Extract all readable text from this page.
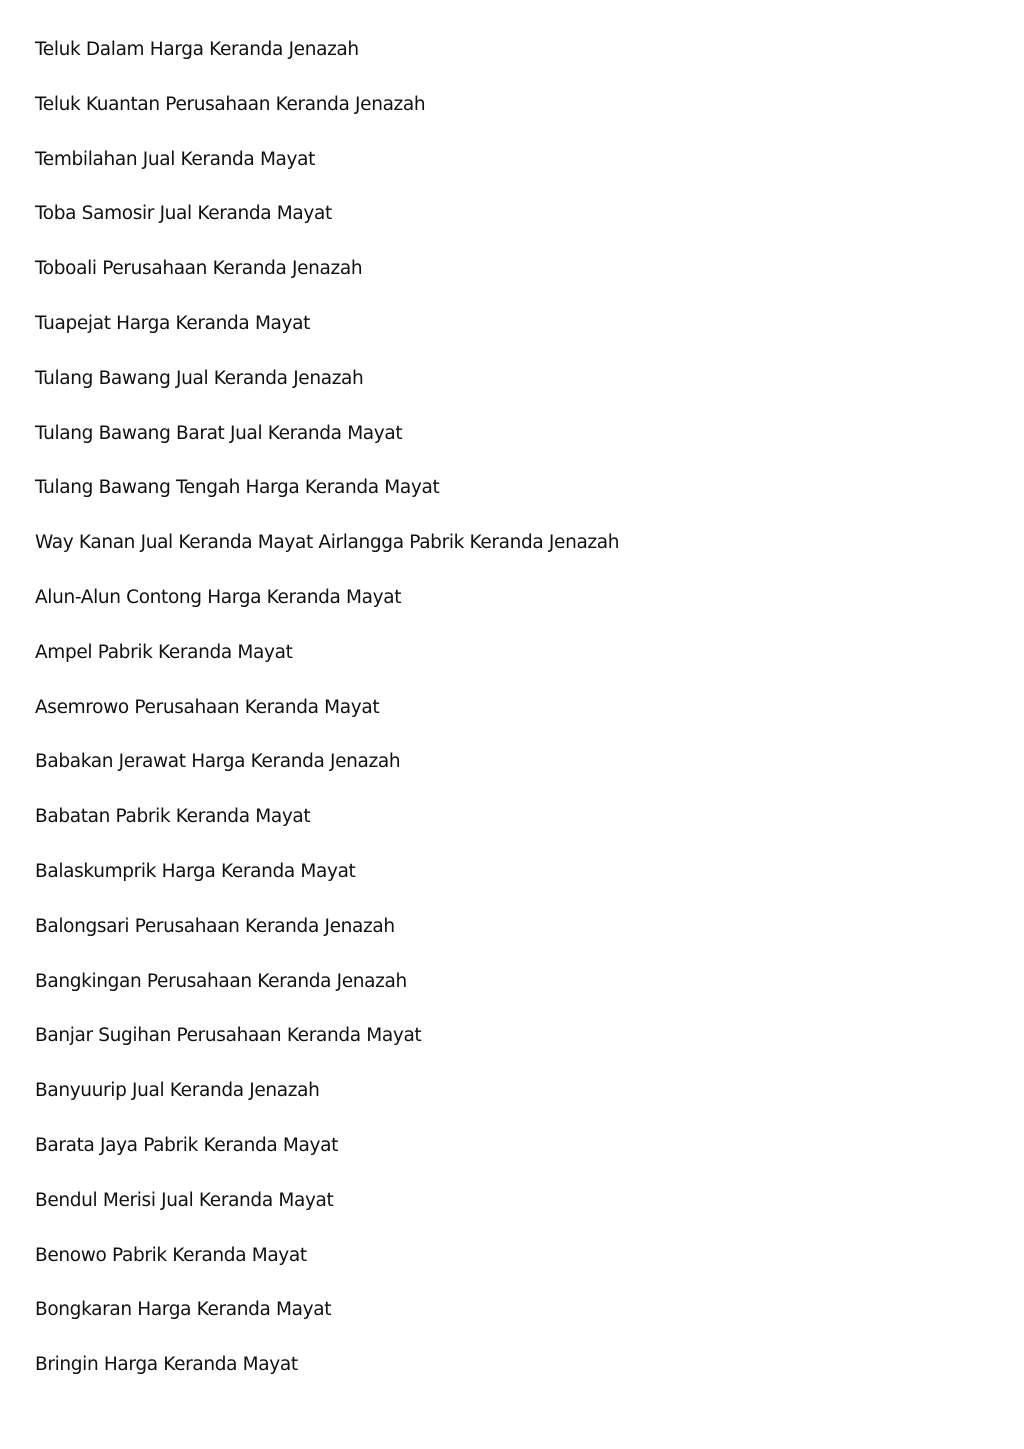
Teluk Dalam Harga Keranda Jenazah
Teluk Kuantan Perusahaan Keranda Jenazah
Tembilahan Jual Keranda Mayat
Toba Samosir Jual Keranda Mayat
Toboali Perusahaan Keranda Jenazah
Tuapejat Harga Keranda Mayat
Tulang Bawang Jual Keranda Jenazah
Tulang Bawang Barat Jual Keranda Mayat
Tulang Bawang Tengah Harga Keranda Mayat
Way Kanan Jual Keranda Mayat Airlangga Pabrik Keranda Jenazah
Alun-Alun Contong Harga Keranda Mayat
Ampel Pabrik Keranda Mayat
Asemrowo Perusahaan Keranda Mayat
Babakan Jerawat Harga Keranda Jenazah
Babatan Pabrik Keranda Mayat
Balaskumprik Harga Keranda Mayat
Balongsari Perusahaan Keranda Jenazah
Bangkingan Perusahaan Keranda Jenazah
Banjar Sugihan Perusahaan Keranda Mayat
Banyuurip Jual Keranda Jenazah
Barata Jaya Pabrik Keranda Mayat
Bendul Merisi Jual Keranda Mayat
Benowo Pabrik Keranda Mayat
Bongkaran Harga Keranda Mayat
Bringin Harga Keranda Mayat
